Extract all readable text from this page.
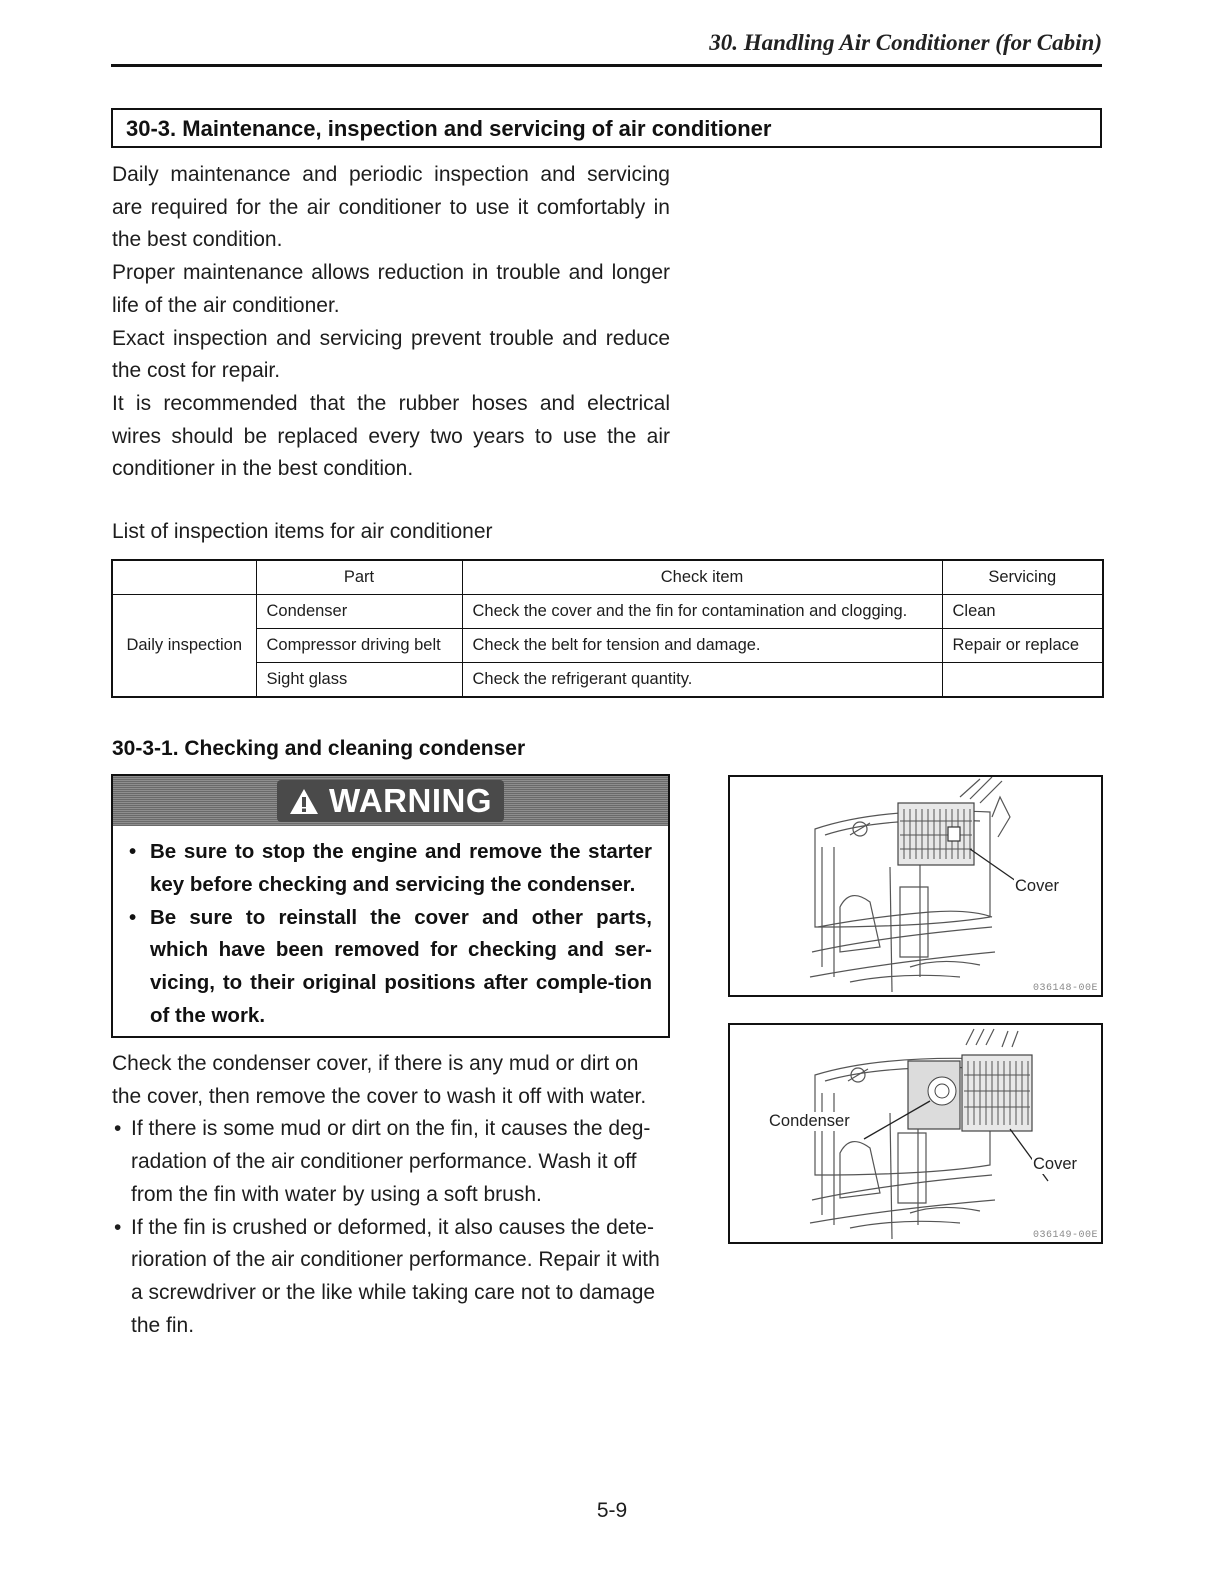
30. Handling Air Conditioner (for Cabin)
30-3. Maintenance, inspection and servicing of air conditioner

Daily maintenance and periodic inspection and servicing are required for the air conditioner to use it comfortably in the best condition.

Proper maintenance allows reduction in trouble and longer life of the air conditioner.

Exact inspection and servicing prevent trouble and reduce the cost for repair.

It is recommended that the rubber hoses and electrical wires should be replaced every two years to use the air conditioner in the best condition.

List of inspection items for air conditioner
	Part	Check item	Servicing
Daily inspection	Condenser	Check the cover and the fin for contamination and clogging.	Clean
	Compressor driving belt	Check the belt for tension and damage.	Repair or replace
	Sight glass	Check the refrigerant quantity.	
30-3-1. Checking and cleaning condenser
WARNING
• Be sure to stop the engine and remove the starter key before checking and servicing the condenser.
• Be sure to reinstall the cover and other parts, which have been removed for checking and ser-vicing, to their original positions after comple-tion of the work.

Check the condenser cover, if there is any mud or dirt on the cover, then remove the cover to wash it off with water.

• If there is some mud or dirt on the fin, it causes the deg-radation of the air conditioner performance. Wash it off from the fin with water by using a soft brush.
• If the fin is crushed or deformed, it also causes the dete-rioration of the air conditioner performance. Repair it with a screwdriver or the like while taking care not to damage the fin.
Cover
036148-00E
Condenser
Cover
036149-00E
5-9
